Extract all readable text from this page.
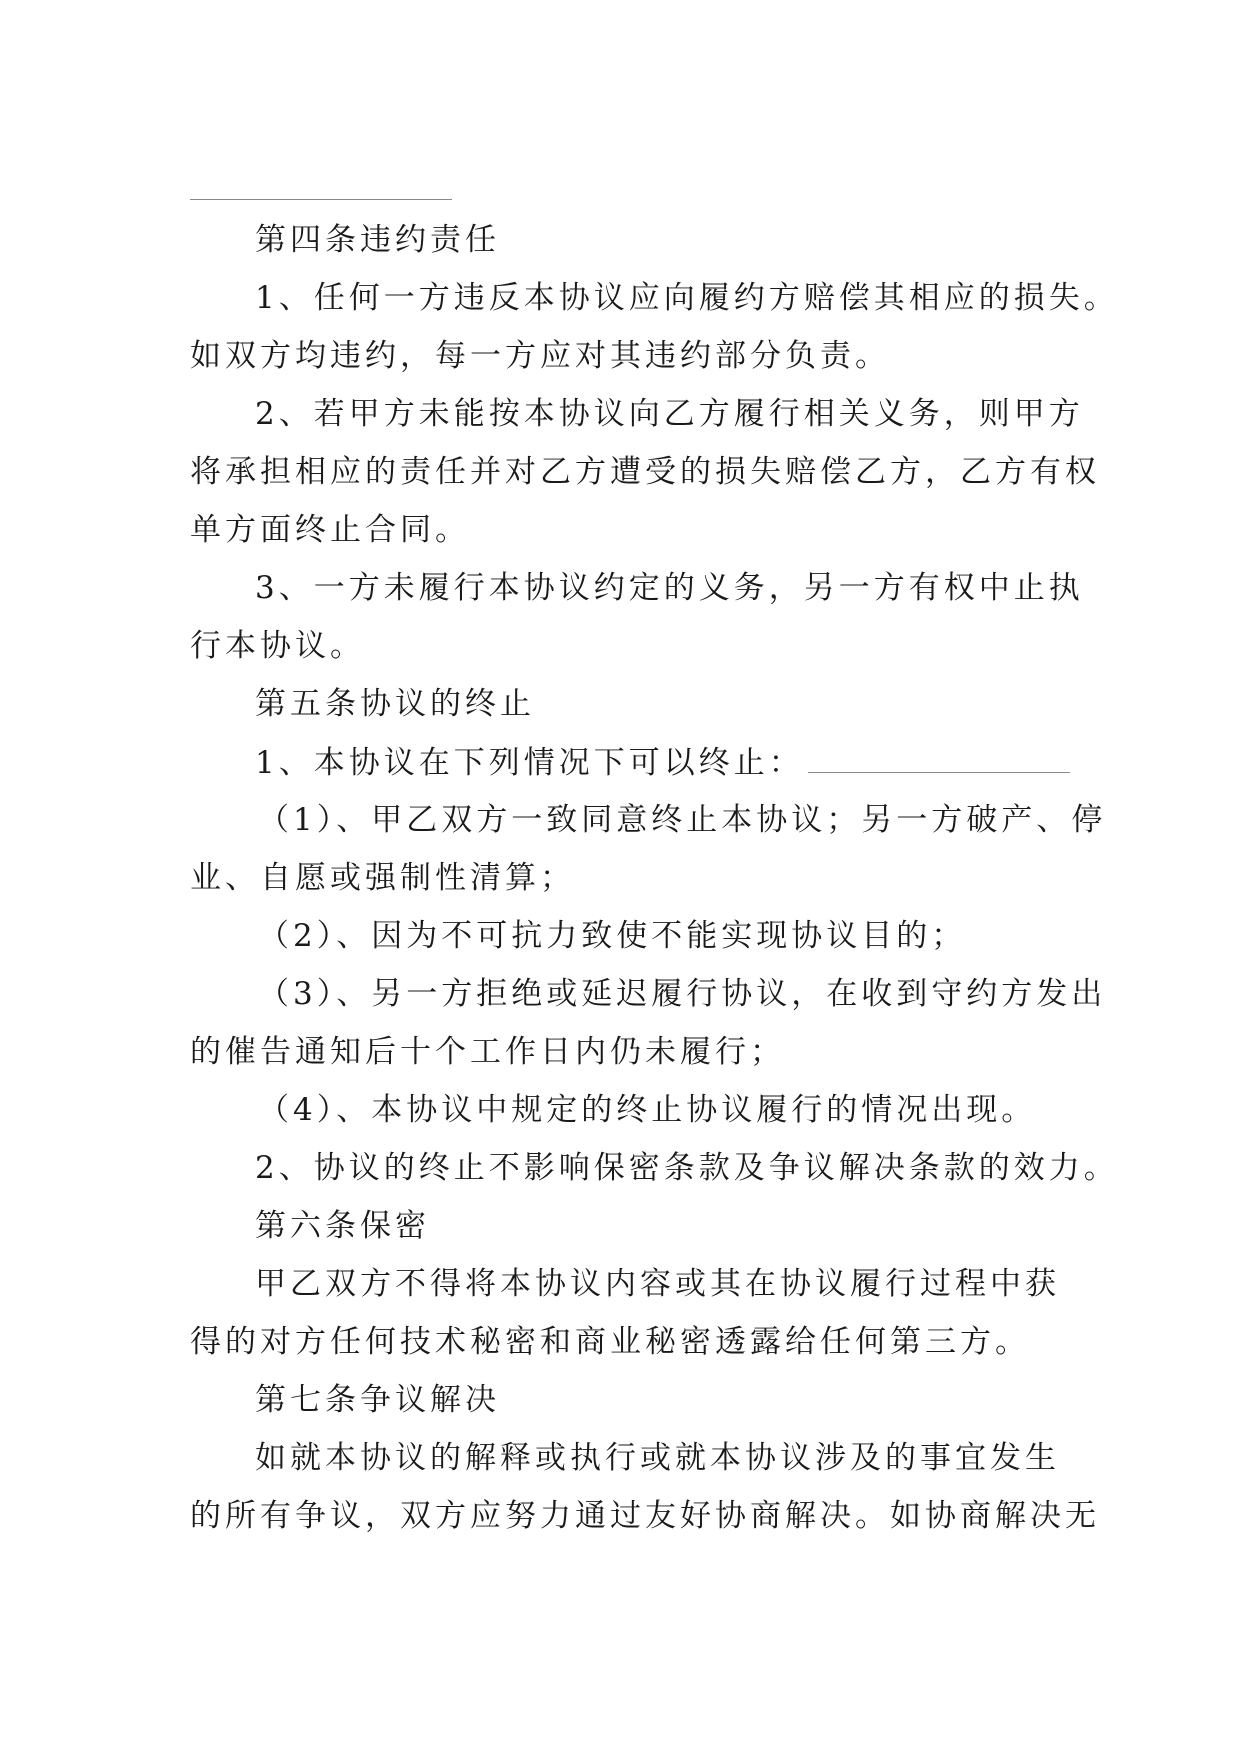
第四条违约责任
1、任何一方违反本协议应向履约方赔偿其相应的损失。
如双方均违约，每一方应对其违约部分负责。
2、若甲方未能按本协议向乙方履行相关义务，则甲方
将承担相应的责任并对乙方遭受的损失赔偿乙方，乙方有权
单方面终止合同。
3、一方未履行本协议约定的义务，另一方有权中止执
行本协议。
第五条协议的终止
1、本协议在下列情况下可以终止：
（1）、甲乙双方一致同意终止本协议；另一方破产、停
业、自愿或强制性清算；
（2）、因为不可抗力致使不能实现协议目的；
（3）、另一方拒绝或延迟履行协议，在收到守约方发出
的催告通知后十个工作日内仍未履行；
（4）、本协议中规定的终止协议履行的情况出现。
2、协议的终止不影响保密条款及争议解决条款的效力。
第六条保密
甲乙双方不得将本协议内容或其在协议履行过程中获
得的对方任何技术秘密和商业秘密透露给任何第三方。
第七条争议解决
如就本协议的解释或执行或就本协议涉及的事宜发生
的所有争议，双方应努力通过友好协商解决。如协商解决无
